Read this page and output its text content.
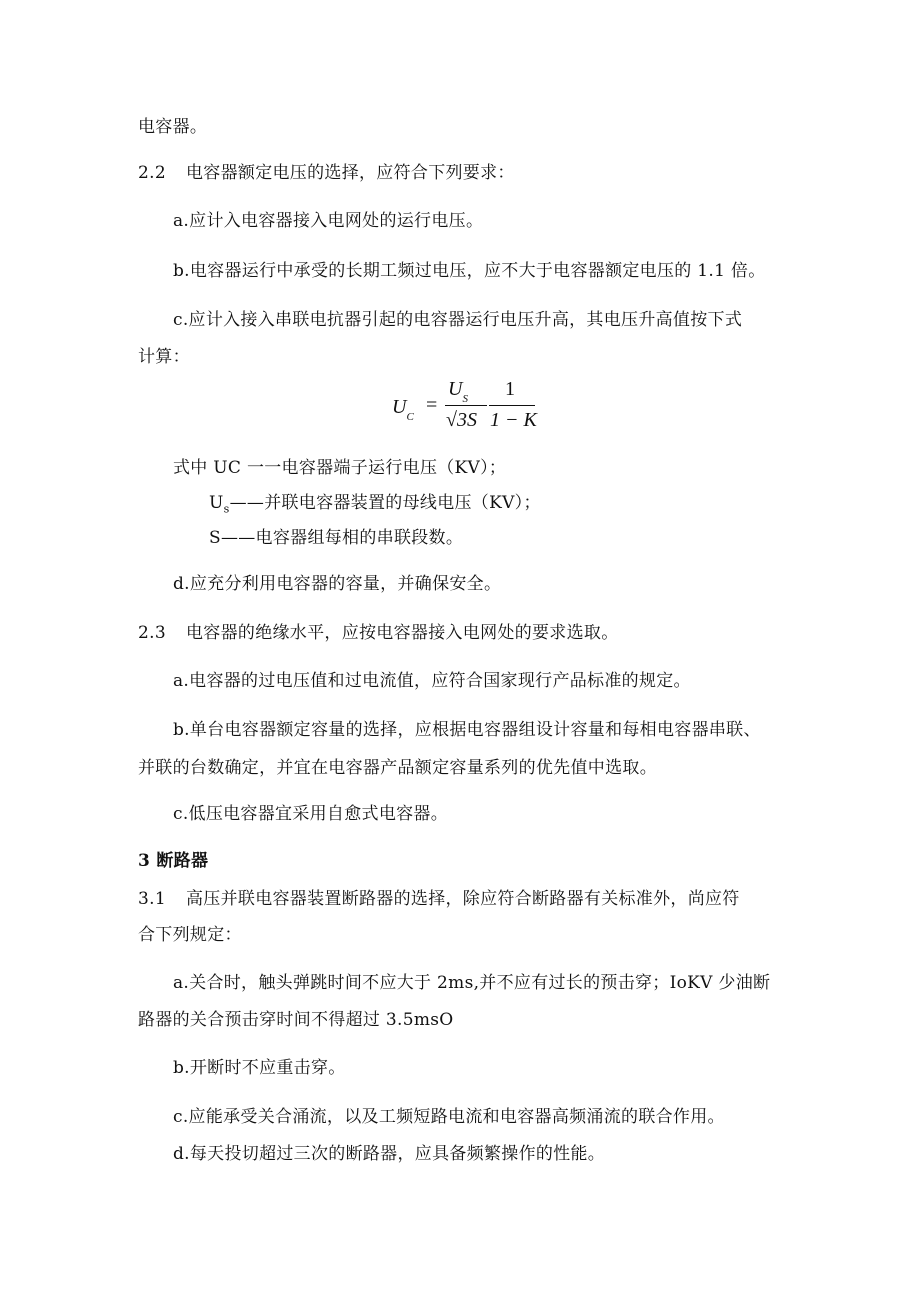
电容器。
2.2 电容器额定电压的选择，应符合下列要求：
a.应计入电容器接入电网处的运行电压。
b.电容器运行中承受的长期工频过电压，应不大于电容器额定电压的 1.1 倍。
c.应计入接入串联电抗器引起的电容器运行电压升高，其电压升高值按下式
计算：
$U_C$
=
$U_S$
√3S
1
1 − K
式中 UC 一一电容器端子运行电压（KV）；
$U_s——$并联电容器装置的母线电压（KV）；
S——电容器组每相的串联段数。
d.应充分利用电容器的容量，并确保安全。
2.3 电容器的绝缘水平，应按电容器接入电网处的要求选取。
a.电容器的过电压值和过电流值，应符合国家现行产品标准的规定。
b.单台电容器额定容量的选择，应根据电容器组设计容量和每相电容器串联、
并联的台数确定，并宜在电容器产品额定容量系列的优先值中选取。
c.低压电容器宜采用自愈式电容器。
3 断路器
3.1 高压并联电容器装置断路器的选择，除应符合断路器有关标准外，尚应符
合下列规定：
a.关合时，触头弹跳时间不应大于 2ms,并不应有过长的预击穿；IoKV 少油断
路器的关合预击穿时间不得超过 3.5msO
b.开断时不应重击穿。
c.应能承受关合涌流，以及工频短路电流和电容器高频涌流的联合作用。
d.每天投切超过三次的断路器，应具备频繁操作的性能。
